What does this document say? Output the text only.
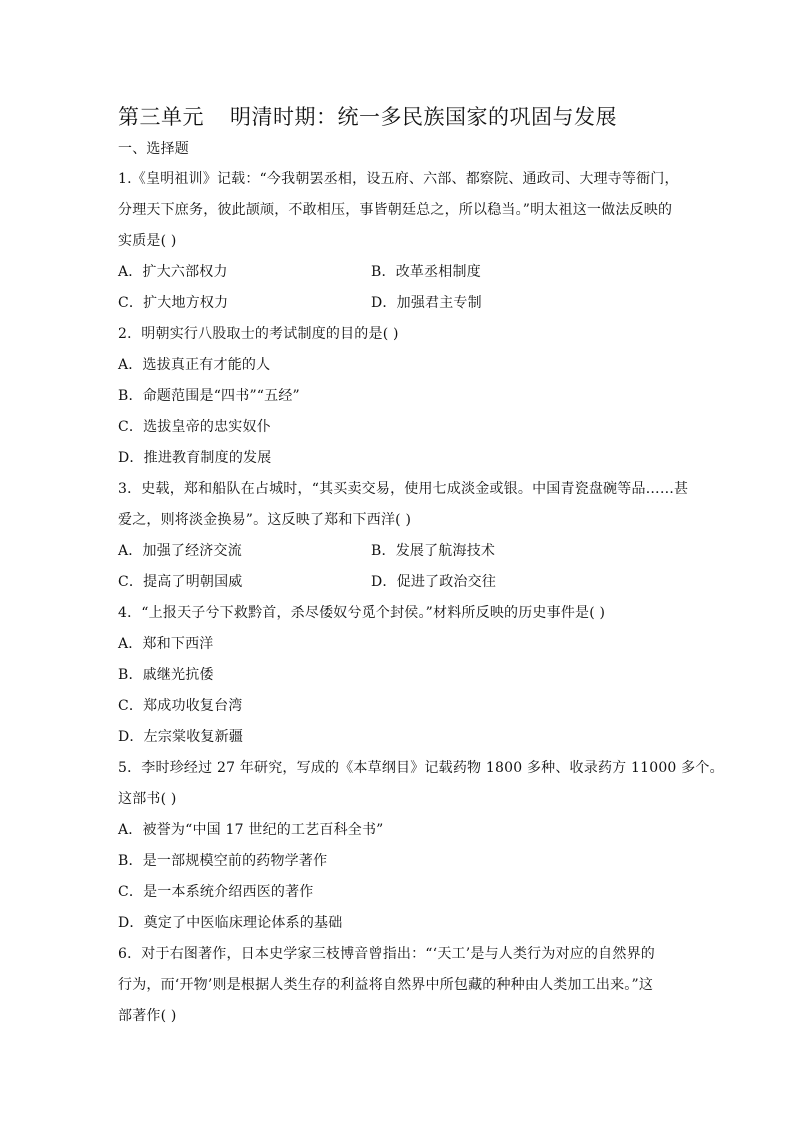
第三单元 明清时期：统一多民族国家的巩固与发展
一、选择题
1.《皇明祖训》记载：“今我朝罢丞相，设五府、六部、都察院、通政司、大理寺等衙门，
分理天下庶务，彼此颉颃，不敢相压，事皆朝廷总之，所以稳当。”明太祖这一做法反映的
实质是( )
A．扩大六部权力	B．改革丞相制度
C．扩大地方权力	D．加强君主专制
2．明朝实行八股取士的考试制度的目的是( )
A．选拔真正有才能的人
B．命题范围是“四书”“五经”
C．选拔皇帝的忠实奴仆
D．推进教育制度的发展
3．史载，郑和船队在占城时，“其买卖交易，使用七成淡金或银。中国青瓷盘碗等品……甚
爱之，则将淡金换易”。这反映了郑和下西洋( )
A．加强了经济交流	B．发展了航海技术
C．提高了明朝国威	D．促进了政治交往
4．“上报天子兮下救黔首，杀尽倭奴兮觅个封侯。”材料所反映的历史事件是( )
A．郑和下西洋
B．戚继光抗倭
C．郑成功收复台湾
D．左宗棠收复新疆
5．李时珍经过 27 年研究，写成的《本草纲目》记载药物 1800 多种、收录药方 11000 多个。
这部书( )
A．被誉为“中国 17 世纪的工艺百科全书”
B．是一部规模空前的药物学著作
C．是一本系统介绍西医的著作
D．奠定了中医临床理论体系的基础
6．对于右图著作，日本史学家三枝博音曾指出：“‘天工’是与人类行为对应的自然界的
行为，而‘开物’则是根据人类生存的利益将自然界中所包藏的种种由人类加工出来。”这
部著作( )
